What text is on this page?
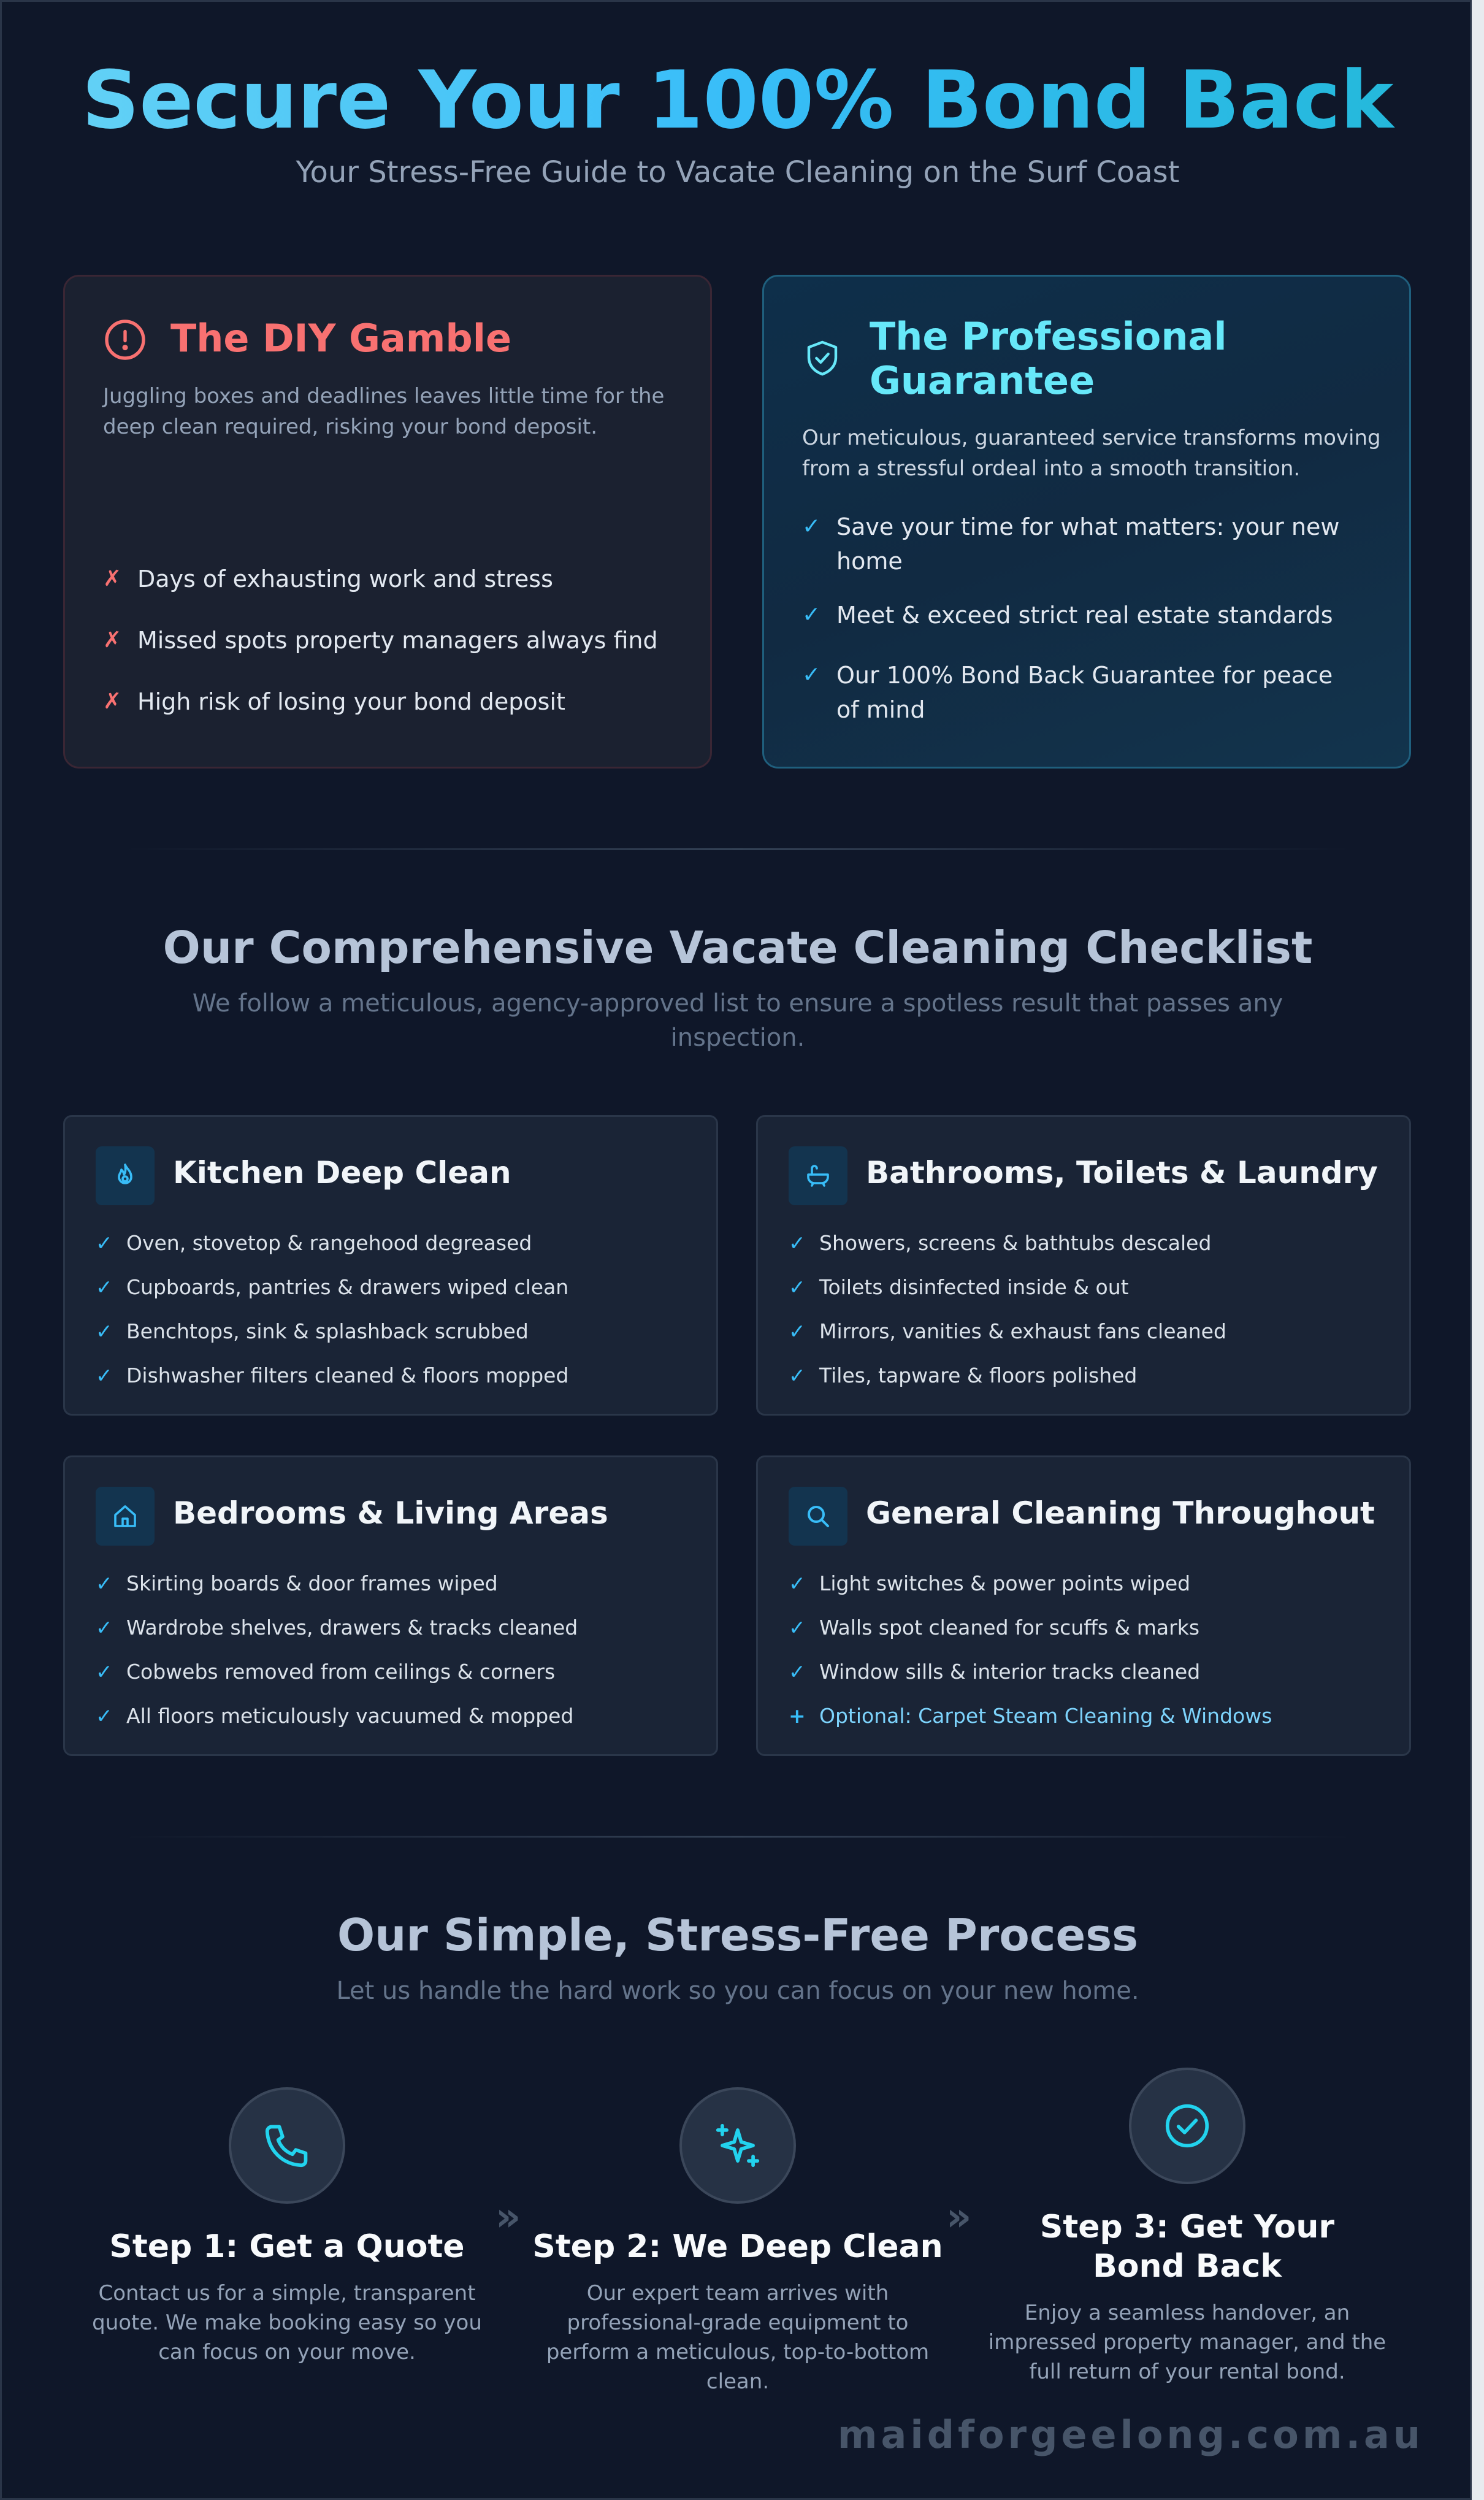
Secure Your 100% Bond Back

Your Stress-Free Guide to Vacate Cleaning on the Surf Coast

The DIY Gamble

Juggling boxes and deadlines leaves little time for the deep clean required, risking your bond deposit.

✗ Days of exhausting work and stress
✗ Missed spots property managers always find
✗ High risk of losing your bond deposit
The Professional Guarantee

Our meticulous, guaranteed service transforms moving from a stressful ordeal into a smooth transition.

✓ Save your time for what matters: your new home
✓ Meet & exceed strict real estate standards
✓ Our 100% Bond Back Guarantee for peace of mind
Our Comprehensive Vacate Cleaning Checklist

We follow a meticulous, agency-approved list to ensure a spotless result that passes any inspection.

Kitchen Deep Clean
✓ Oven, stovetop & rangehood degreased
✓ Cupboards, pantries & drawers wiped clean
✓ Benchtops, sink & splashback scrubbed
✓ Dishwasher filters cleaned & floors mopped
Bathrooms, Toilets & Laundry
✓ Showers, screens & bathtubs descaled
✓ Toilets disinfected inside & out
✓ Mirrors, vanities & exhaust fans cleaned
✓ Tiles, tapware & floors polished
Bedrooms & Living Areas
✓ Skirting boards & door frames wiped
✓ Wardrobe shelves, drawers & tracks cleaned
✓ Cobwebs removed from ceilings & corners
✓ All floors meticulously vacuumed & mopped
General Cleaning Throughout
✓ Light switches & power points wiped
✓ Walls spot cleaned for scuffs & marks
✓ Window sills & interior tracks cleaned
+ Optional: Carpet Steam Cleaning & Windows
Our Simple, Stress-Free Process

Let us handle the hard work so you can focus on your new home.

Step 1: Get a Quote
Contact us for a simple, transparent quote. We make booking easy so you can focus on your move.
»
Step 2: We Deep Clean
Our expert team arrives with professional-grade equipment to perform a meticulous, top-to-bottom clean.
»	Step 3: Get Your Bond Back
Enjoy a seamless handover, an impressed property manager, and the full return of your rental bond.
maidforgeelong.com.au
